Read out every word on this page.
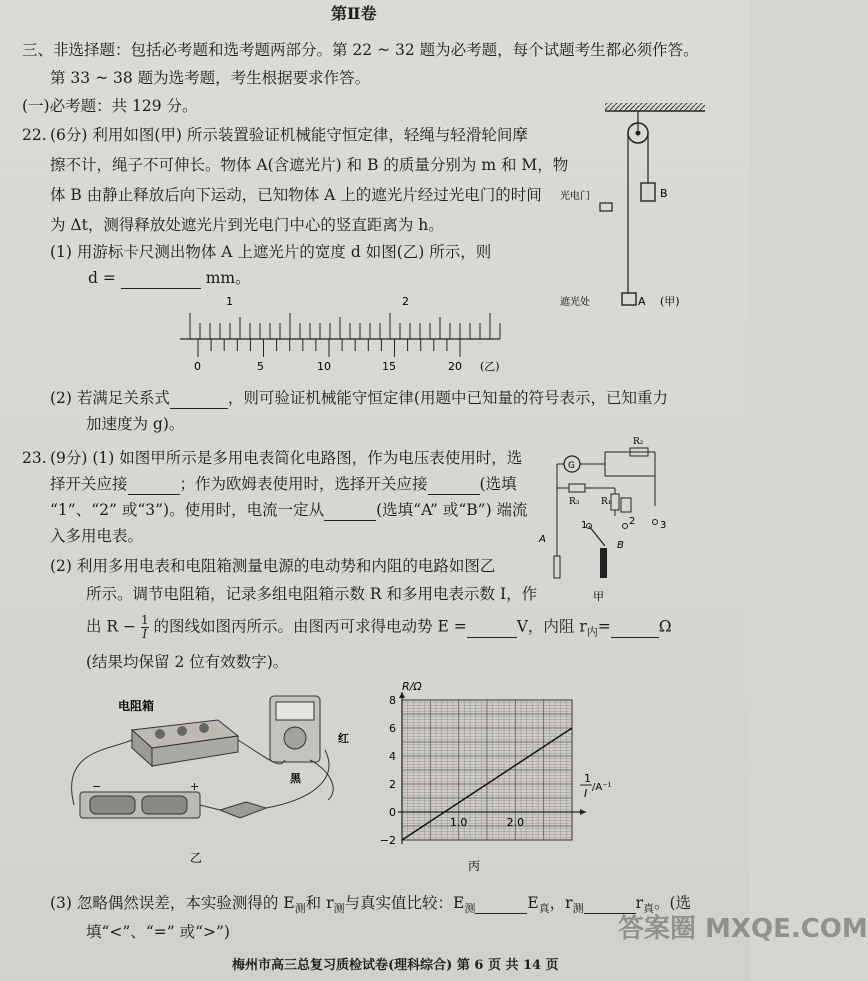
第Ⅱ卷
三、非选择题：包括必考题和选考题两部分。第 22 ~ 32 题为必考题，每个试题考生都必须作答。
第 33 ~ 38 题为选考题，考生根据要求作答。
(一)必考题：共 129 分。
22. (6分) 利用如图(甲) 所示装置验证机械能守恒定律，轻绳与轻滑轮间摩
擦不计，绳子不可伸长。物体 A(含遮光片) 和 B 的质量分别为 m 和 M，物
体 B 由静止释放后向下运动，已知物体 A 上的遮光片经过光电门的时间
为 Δt，测得释放处遮光片到光电门中心的竖直距离为 h。
(1) 用游标卡尺测出物体 A 上遮光片的宽度 d 如图(乙) 所示，则
d =	mm。
B
光电门
遮光处	A (甲)
1	2
0	5	10	15	20 (乙)
(2) 若满足关系式	，则可验证机械能守恒定律(用题中已知量的符号表示，已知重力
加速度为 g)。
23. (9分) (1) 如图甲所示是多用电表简化电路图，作为电压表使用时，选
择开关应接	；作为欧姆表使用时，选择开关应接	(选填
“1”、“2” 或“3”)。使用时，电流一定从	(选填“A” 或“B”) 端流
入多用电表。
(2) 利用多用电表和电阻箱测量电源的电动势和内阻的电路如图乙
所示。调节电阻箱，记录多组电阻箱示数 R 和多用电表示数 I，作
出 $R - \frac{1}{I}$ 的图线如图丙所示。由图丙可求得电动势 E =	V，内阻 $r_内=$	Ω
(结果均保留 2 位有效数字)。
G
R₂
R₃ R₁
1	2 3
A
B
甲
电阻箱
−	+
红
黑
乙
R/Ω
8
6
4
2
0
−2
1.0	2.0
1
I /A⁻¹
丙
(3) 忽略偶然误差，本实验测得的 $E_测$和 $r_测$与真实值比较：$E_测$	$E_真$，$r_测$	$r_真$。(选
填“<”、“=” 或“>”)
梅州市高三总复习质检试卷(理科综合) 第 6 页 共 14 页
答案圈 MXQE.COM
